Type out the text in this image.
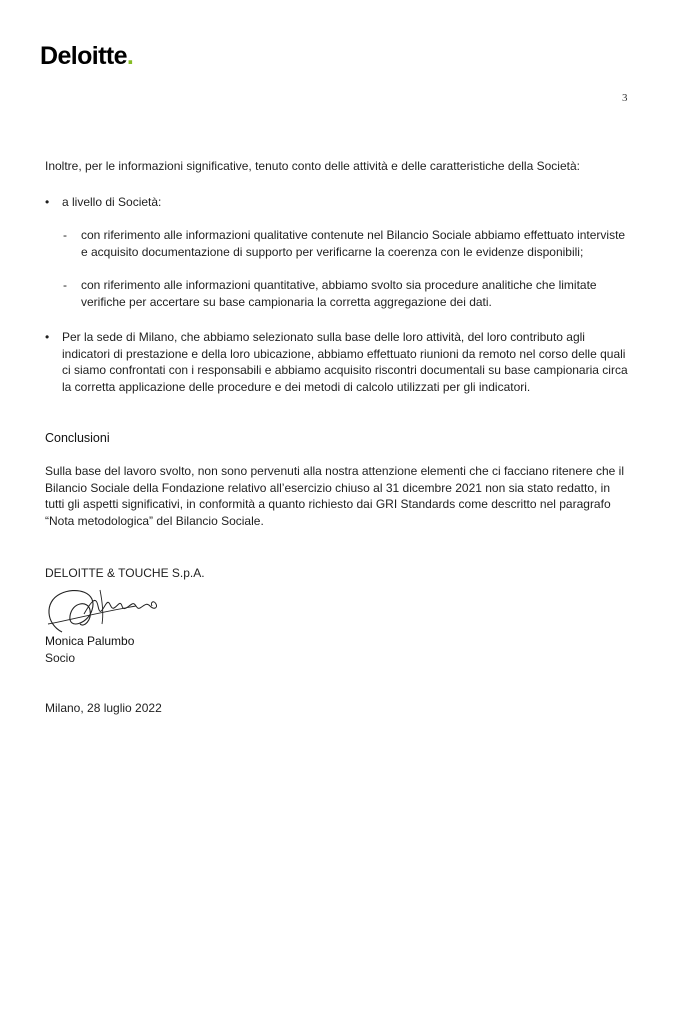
Deloitte.
3
Inoltre, per le informazioni significative, tenuto conto delle attività e delle caratteristiche della Società:
• a livello di Società:
- con riferimento alle informazioni qualitative contenute nel Bilancio Sociale abbiamo effettuato interviste e acquisito documentazione di supporto per verificarne la coerenza con le evidenze disponibili;
- con riferimento alle informazioni quantitative, abbiamo svolto sia procedure analitiche che limitate verifiche per accertare su base campionaria la corretta aggregazione dei dati.
• Per la sede di Milano, che abbiamo selezionato sulla base delle loro attività, del loro contributo agli indicatori di prestazione e della loro ubicazione, abbiamo effettuato riunioni da remoto nel corso delle quali ci siamo confrontati con i responsabili e abbiamo acquisito riscontri documentali su base campionaria circa la corretta applicazione delle procedure e dei metodi di calcolo utilizzati per gli indicatori.
Conclusioni
Sulla base del lavoro svolto, non sono pervenuti alla nostra attenzione elementi che ci facciano ritenere che il Bilancio Sociale della Fondazione relativo all’esercizio chiuso al 31 dicembre 2021 non sia stato redatto, in tutti gli aspetti significativi, in conformità a quanto richiesto dai GRI Standards come descritto nel paragrafo “Nota metodologica” del Bilancio Sociale.
DELOITTE & TOUCHE S.p.A.
Monica Palumbo
Socio
Milano, 28 luglio 2022
